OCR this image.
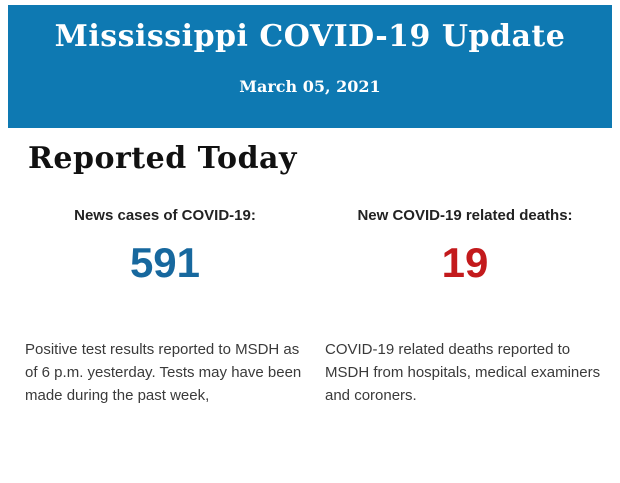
Mississippi COVID-19 Update
March 05, 2021
Reported Today
News cases of COVID-19:
591
Positive test results reported to MSDH as of 6 p.m. yesterday. Tests may have been made during the past week,
New COVID-19 related deaths:
19
COVID-19 related deaths reported to MSDH from hospitals, medical examiners and coroners.
